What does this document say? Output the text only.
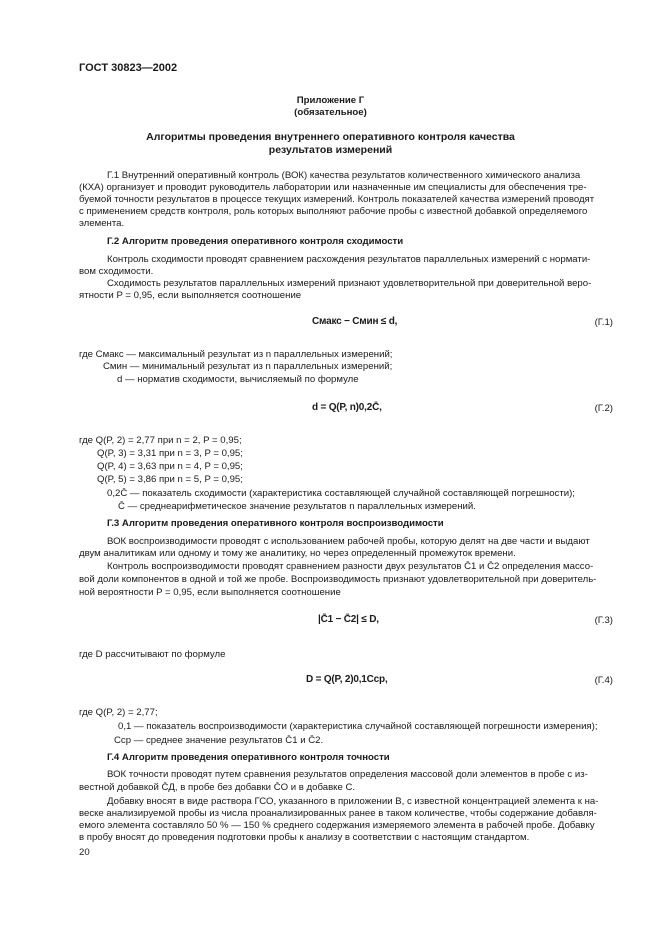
ГОСТ 30823—2002
Приложение Г
(обязательное)
Алгоритмы проведения внутреннего оперативного контроля качества
результатов измерений
Г.1 Внутренний оперативный контроль (ВОК) качества результатов количественного химического анализа
(КХА) организует и проводит руководитель лаборатории или назначенные им специалисты для обеспечения тре-
буемой точности результатов в процессе текущих измерений. Контроль показателей качества измерений проводят
с применением средств контроля, роль которых выполняют рабочие пробы с известной добавкой определяемого
элемента.
Г.2 Алгоритм проведения оперативного контроля сходимости
Контроль сходимости проводят сравнением расхождения результатов параллельных измерений с нормати-
вом сходимости.
Сходимость результатов параллельных измерений признают удовлетворительной при доверительной веро-
ятности P = 0,95, если выполняется соотношение
Cмакс − Cмин ≤ d,	(Г.1)
где Cмакс — максимальный результат из n параллельных измерений;
Cмин — минимальный результат из n параллельных измерений;
d — норматив сходимости, вычисляемый по формуле
d = Q(P, n)0,2C̄,	(Г.2)
где Q(P, 2) = 2,77 при n = 2, P = 0,95;
Q(P, 3) = 3,31 при n = 3, P = 0,95;
Q(P, 4) = 3,63 при n = 4, P = 0,95;
Q(P, 5) = 3,86 при n = 5, P = 0,95;
0,2C̄ — показатель сходимости (характеристика составляющей случайной составляющей погрешности);
C̄ — среднеарифметическое значение результатов n параллельных измерений.
Г.3 Алгоритм проведения оперативного контроля воспроизводимости
ВОК воспроизводимости проводят с использованием рабочей пробы, которую делят на две части и выдают
двум аналитикам или одному и тому же аналитику, но через определенный промежуток времени.
Контроль воспроизводимости проводят сравнением разности двух результатов C̄1 и C̄2 определения массо-
вой доли компонентов в одной и той же пробе. Воспроизводимость признают удовлетворительной при доверитель-
ной вероятности P = 0,95, если выполняется соотношение
|C̄1 − C̄2| ≤ D,	(Г.3)
где D рассчитывают по формуле
D = Q(P, 2)0,1Cср,	(Г.4)
где Q(P, 2) = 2,77;
0,1 — показатель воспроизводимости (характеристика случайной составляющей погрешности измерения);
Cср — среднее значение результатов C̄1 и C̄2.
Г.4 Алгоритм проведения оперативного контроля точности
ВОК точности проводят путем сравнения результатов определения массовой доли элементов в пробе с из-
вестной добавкой C̄Д, в пробе без добавки C̄О и в добавке C.
Добавку вносят в виде раствора ГСО, указанного в приложении В, с известной концентрацией элемента к на-
веске анализируемой пробы из числа проанализированных ранее в таком количестве, чтобы содержание добавля-
емого элемента составляло 50 % — 150 % среднего содержания измеряемого элемента в рабочей пробе. Добавку
в пробу вносят до проведения подготовки пробы к анализу в соответствии с настоящим стандартом.
20
